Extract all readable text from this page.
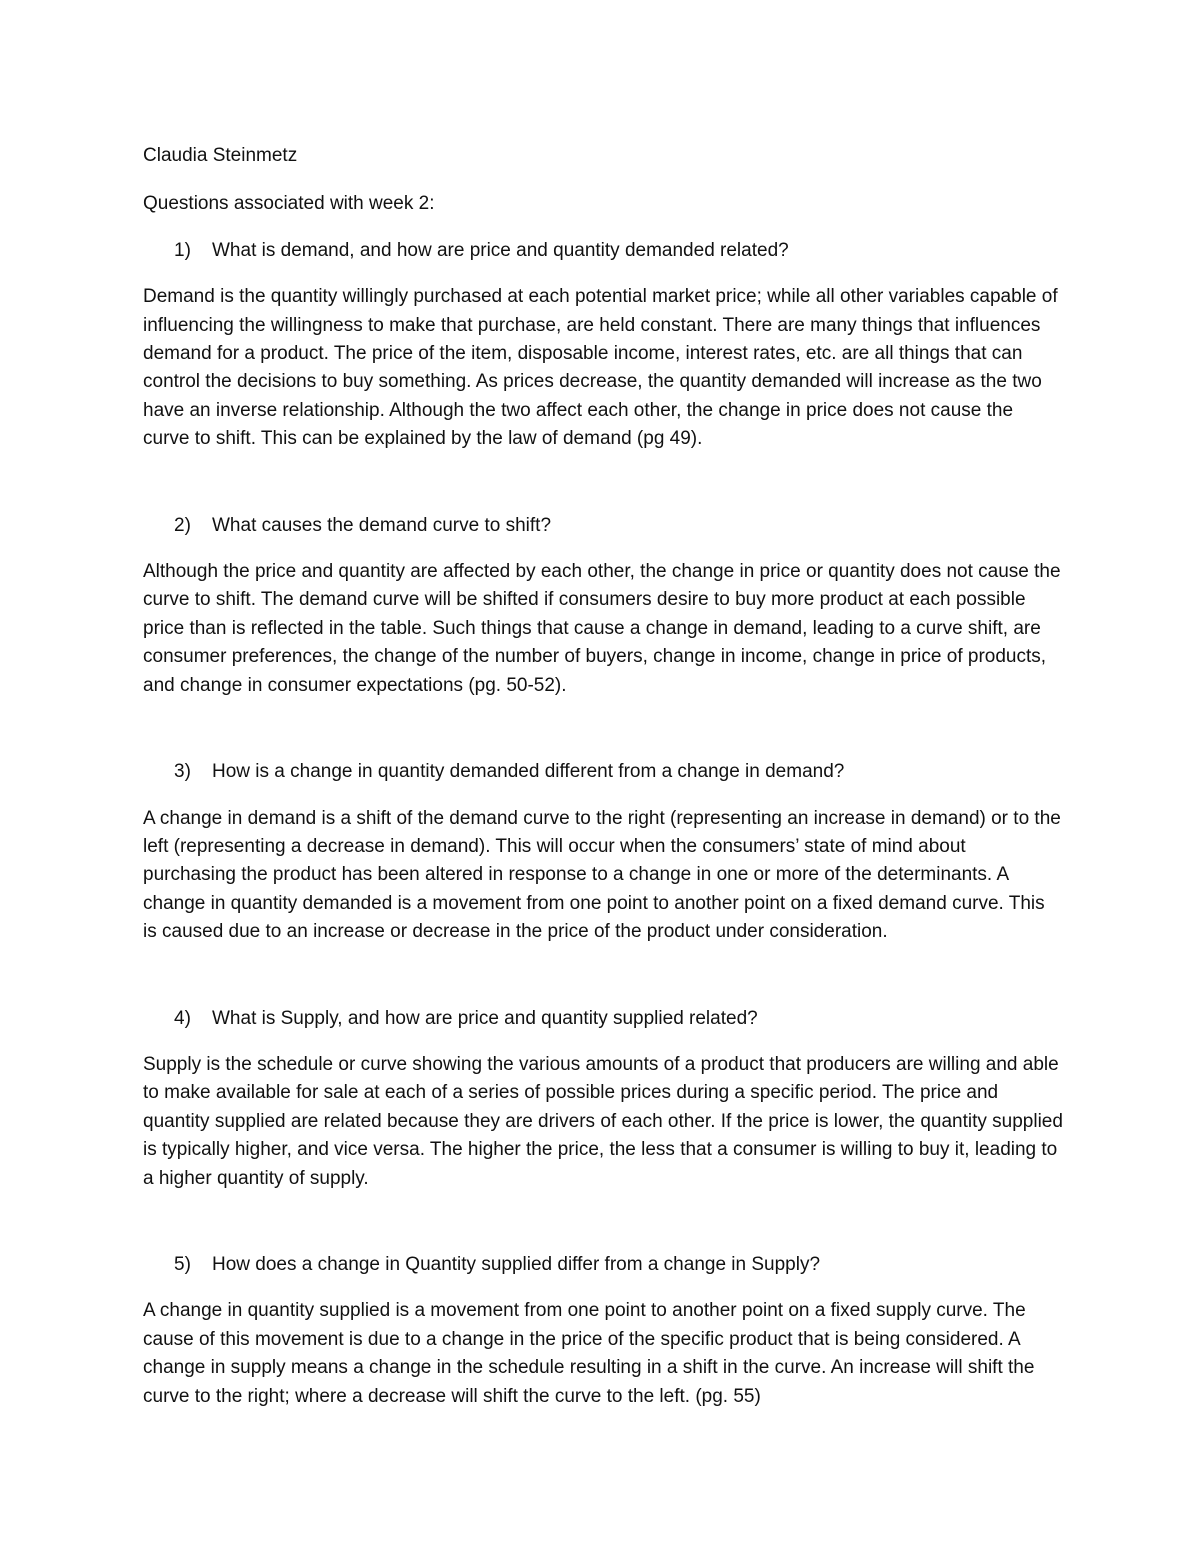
Claudia Steinmetz

Questions associated with week 2:

1) What is demand, and how are price and quantity demanded related?

Demand is the quantity willingly purchased at each potential market price; while all other variables capable of influencing the willingness to make that purchase, are held constant. There are many things that influences demand for a product. The price of the item, disposable income, interest rates, etc. are all things that can control the decisions to buy something. As prices decrease, the quantity demanded will increase as the two have an inverse relationship. Although the two affect each other, the change in price does not cause the curve to shift. This can be explained by the law of demand (pg 49).

2) What causes the demand curve to shift?

Although the price and quantity are affected by each other, the change in price or quantity does not cause the curve to shift. The demand curve will be shifted if consumers desire to buy more product at each possible price than is reflected in the table. Such things that cause a change in demand, leading to a curve shift, are consumer preferences, the change of the number of buyers, change in income, change in price of products, and change in consumer expectations (pg. 50-52).

3) How is a change in quantity demanded different from a change in demand?

A change in demand is a shift of the demand curve to the right (representing an increase in demand) or to the left (representing a decrease in demand). This will occur when the consumers’ state of mind about purchasing the product has been altered in response to a change in one or more of the determinants. A change in quantity demanded is a movement from one point to another point on a fixed demand curve. This is caused due to an increase or decrease in the price of the product under consideration.

4) What is Supply, and how are price and quantity supplied related?

Supply is the schedule or curve showing the various amounts of a product that producers are willing and able to make available for sale at each of a series of possible prices during a specific period. The price and quantity supplied are related because they are drivers of each other. If the price is lower, the quantity supplied is typically higher, and vice versa. The higher the price, the less that a consumer is willing to buy it, leading to a higher quantity of supply.

5) How does a change in Quantity supplied differ from a change in Supply?

A change in quantity supplied is a movement from one point to another point on a fixed supply curve. The cause of this movement is due to a change in the price of the specific product that is being considered. A change in supply means a change in the schedule resulting in a shift in the curve. An increase will shift the curve to the right; where a decrease will shift the curve to the left. (pg. 55)
